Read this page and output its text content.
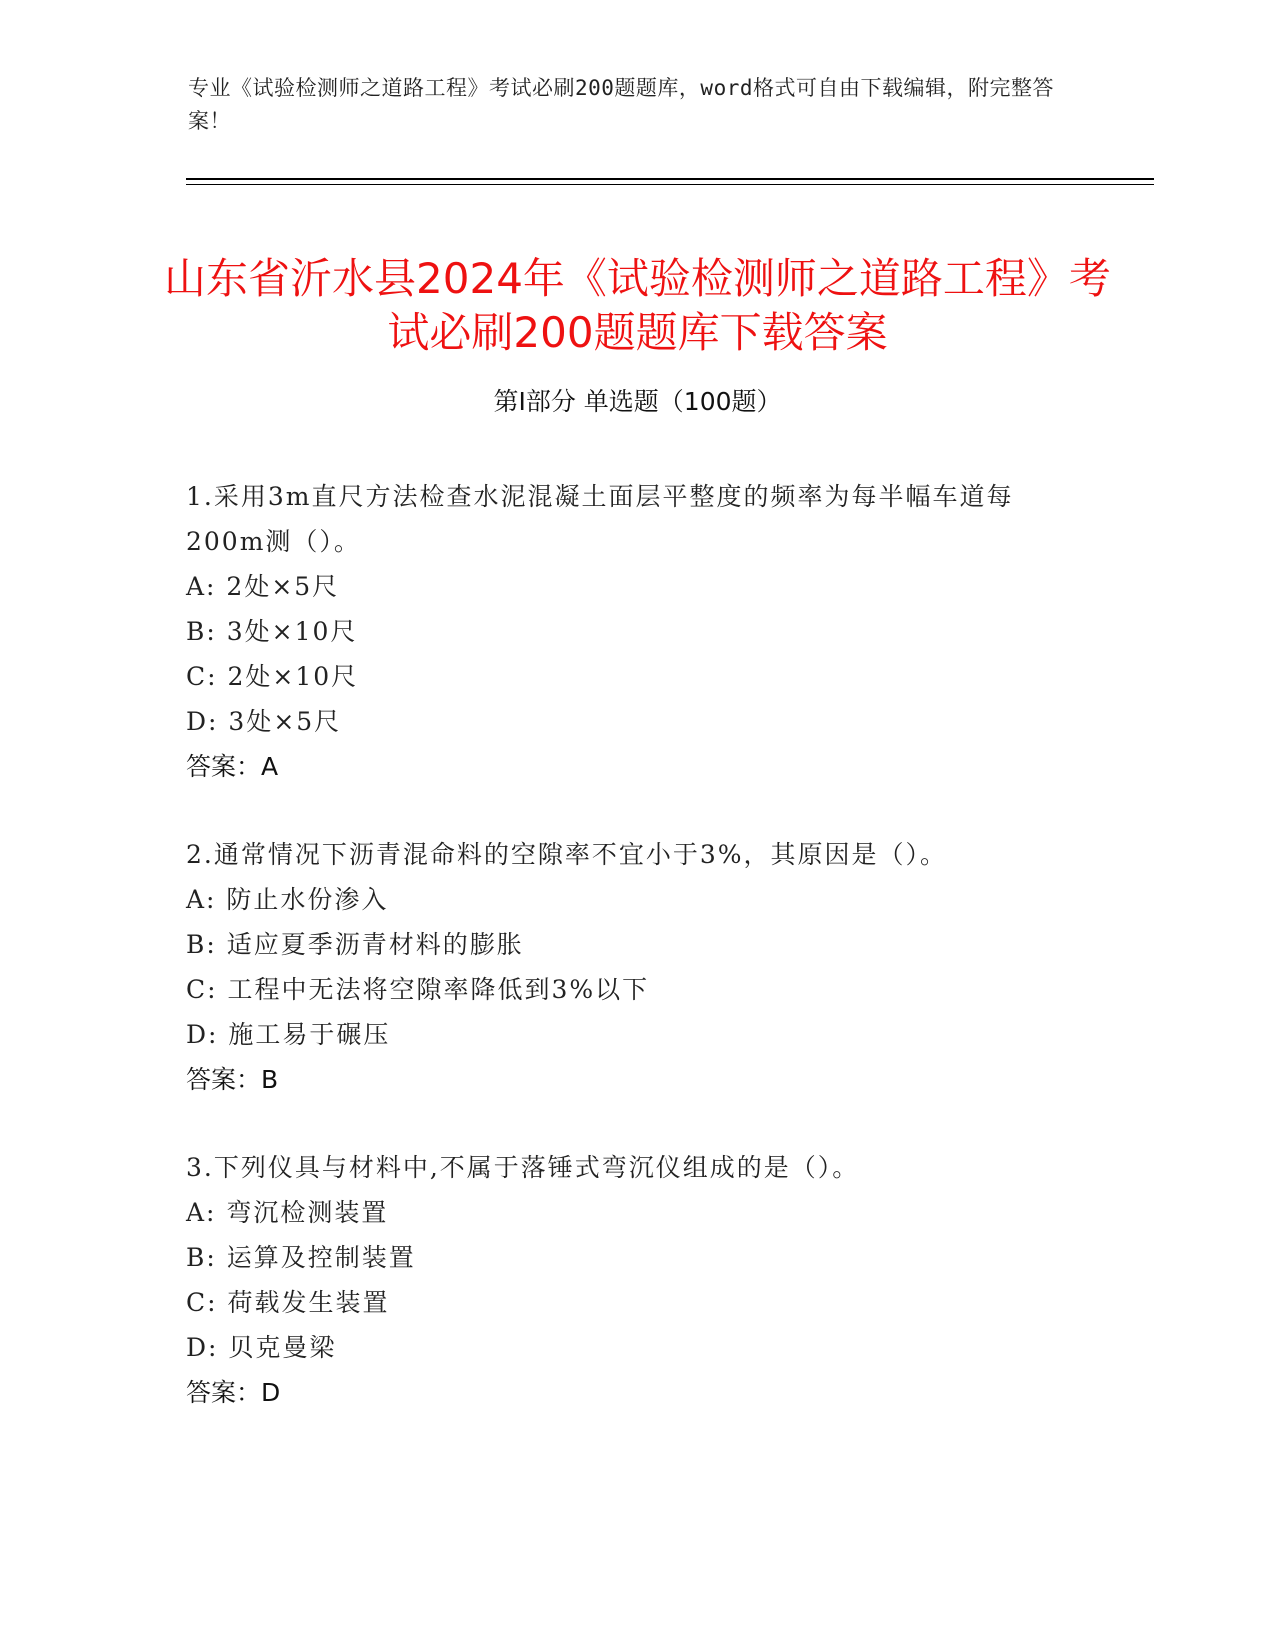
专业《试验检测师之道路工程》考试必刷200题题库，word格式可自由下载编辑，附完整答案！
山东省沂水县2024年《试验检测师之道路工程》考试必刷200题题库下载答案
第I部分 单选题（100题）
1.采用3m直尺方法检查水泥混凝土面层平整度的频率为每半幅车道每200m测（）。
A: 2处×5尺
B: 3处×10尺
C: 2处×10尺
D: 3处×5尺
答案：A
2.通常情况下沥青混命料的空隙率不宜小于3%，其原因是（）。
A: 防止水份渗入
B: 适应夏季沥青材料的膨胀
C: 工程中无法将空隙率降低到3%以下
D: 施工易于碾压
答案：B
3.下列仪具与材料中,不属于落锤式弯沉仪组成的是（）。
A: 弯沉检测装置
B: 运算及控制装置
C: 荷载发生装置
D: 贝克曼梁
答案：D
